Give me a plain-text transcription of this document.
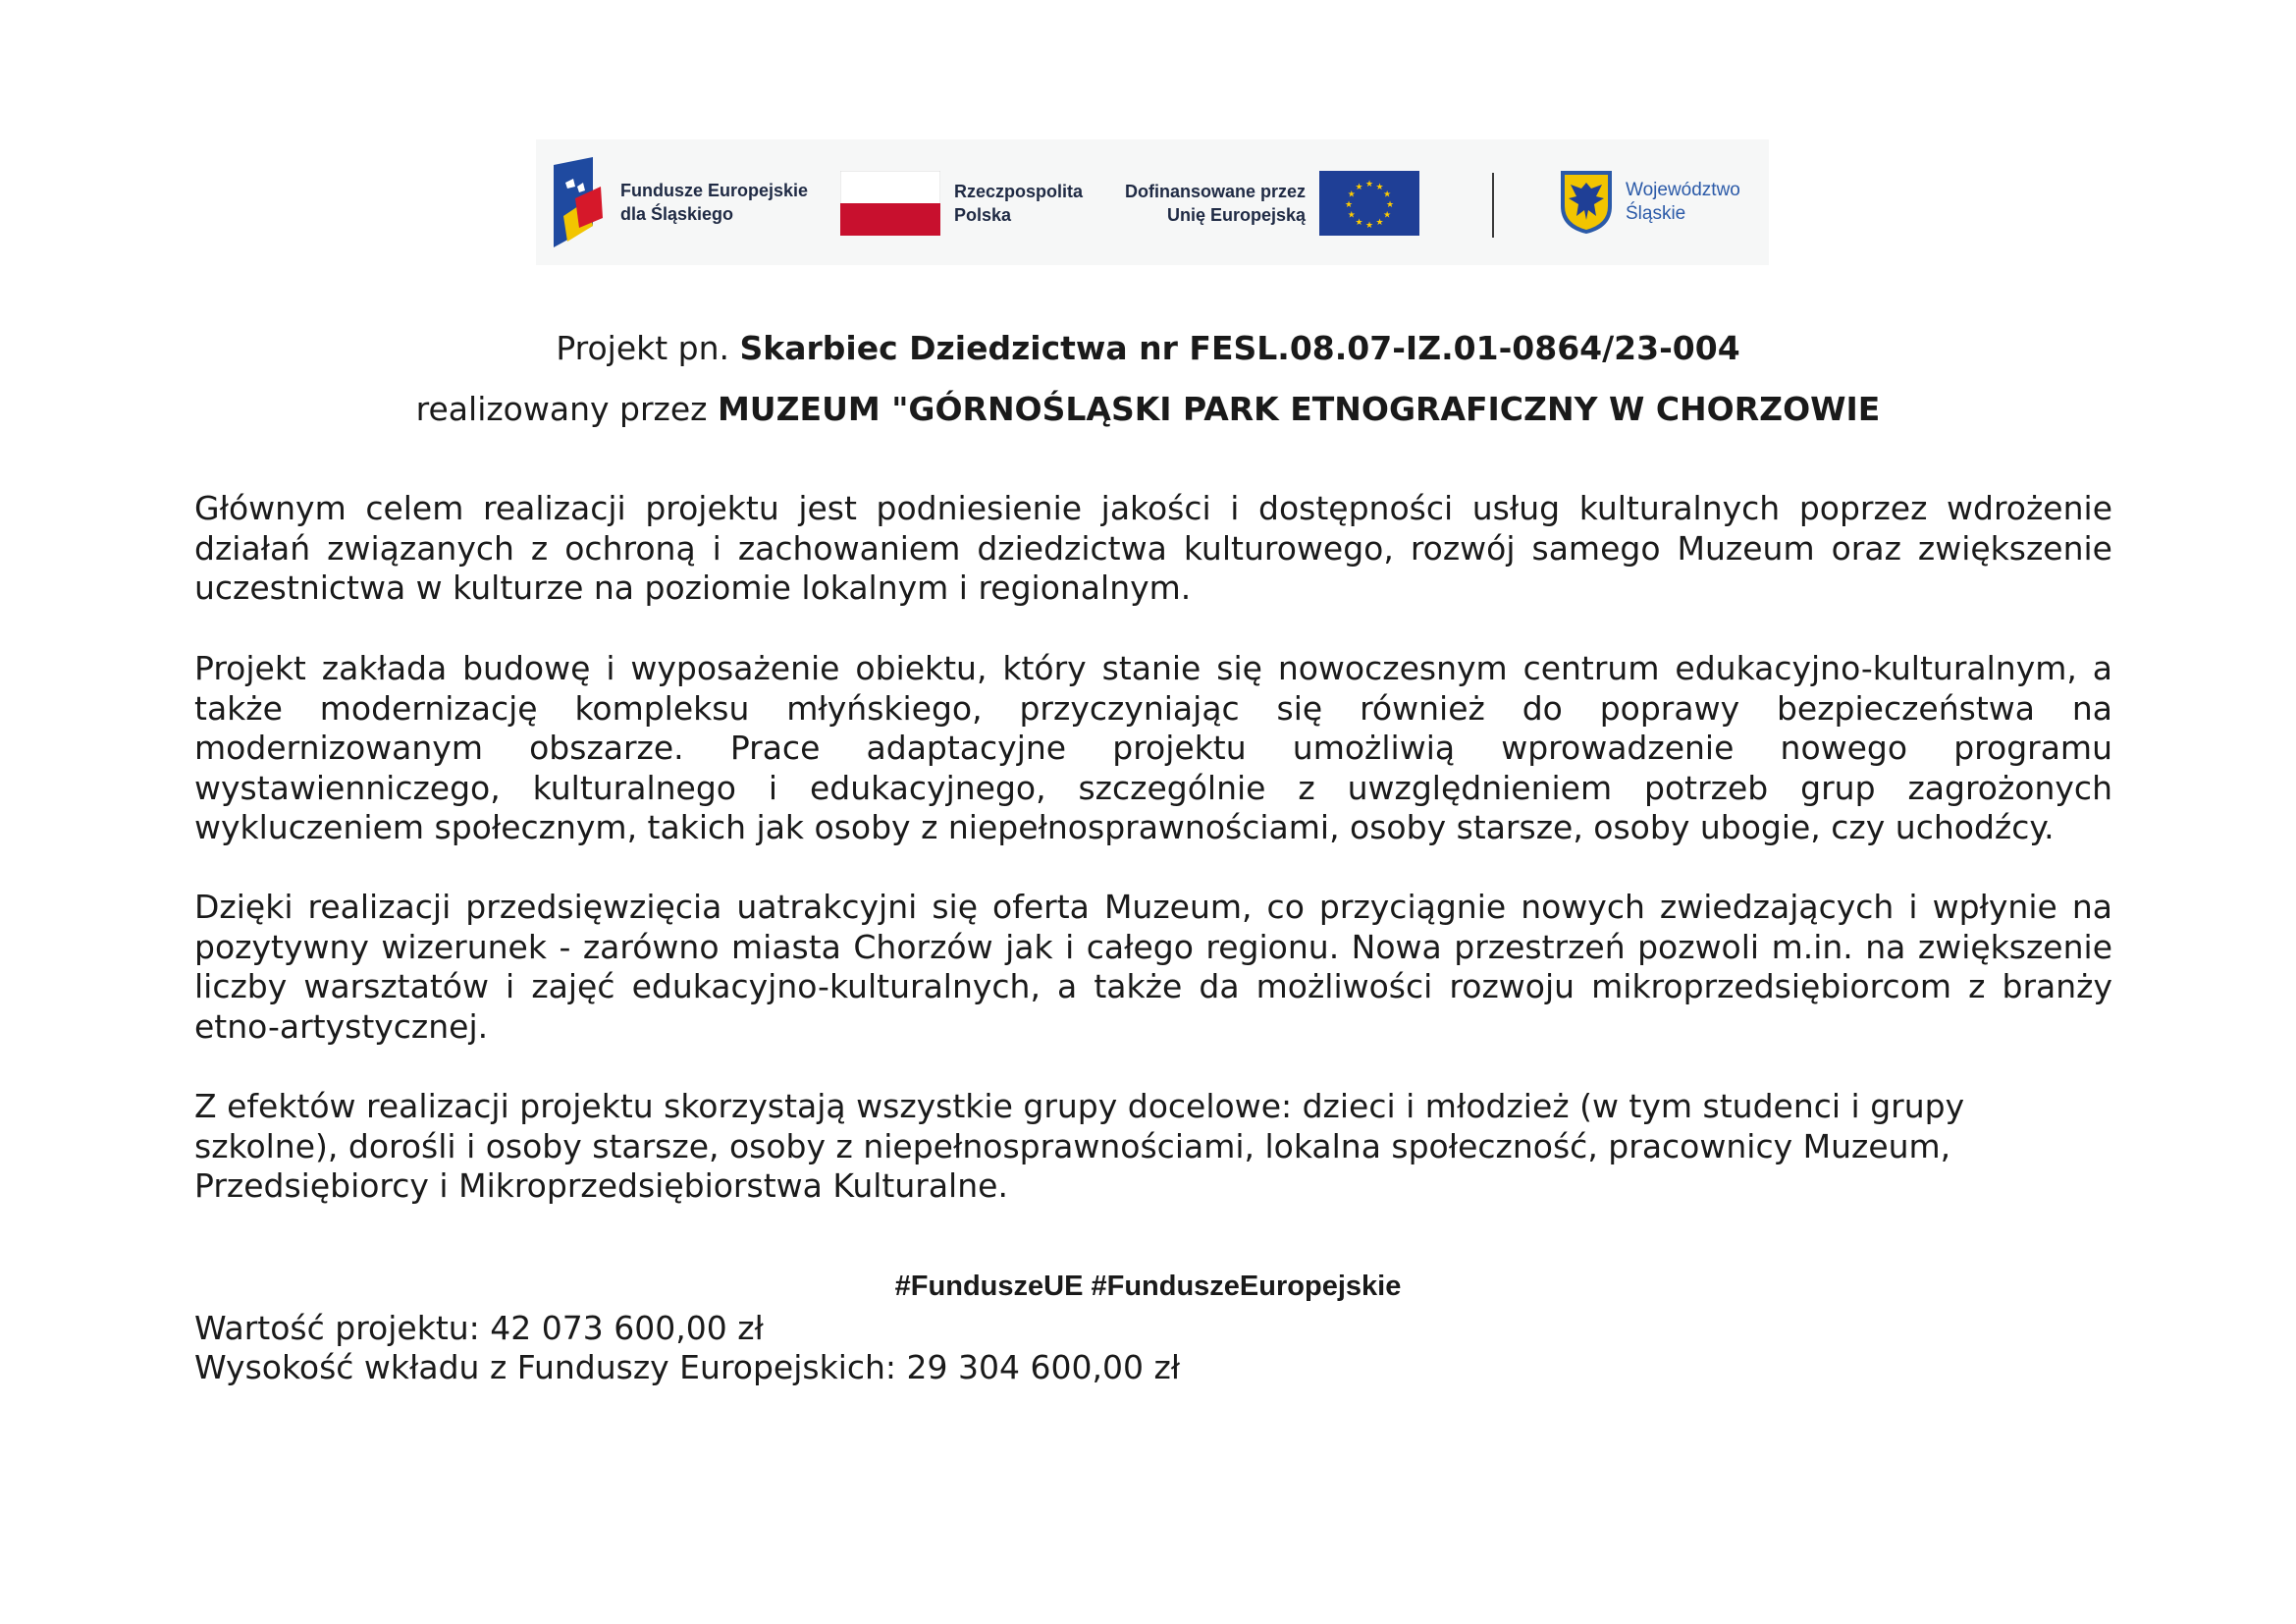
Fundusze Europejskie
dla Śląskiego
Rzeczpospolita
Polska
Dofinansowane przez
Unię Europejską
★ ★
★
★
★
★
★
★
★
★
★
★	Województwo
Śląskie
Projekt pn. Skarbiec Dziedzictwa nr FESL.08.07-IZ.01-0864/23-004
realizowany przez MUZEUM "GÓRNOŚLĄSKI PARK ETNOGRAFICZNY W CHORZOWIE

Głównym celem realizacji projektu jest podniesienie jakości i dostępności usług kulturalnych poprzez wdrożenie działań związanych z ochroną i zachowaniem dziedzictwa kulturowego, rozwój samego Muzeum oraz zwiększenie uczestnictwa w kulturze na poziomie lokalnym i regionalnym.

Projekt zakłada budowę i wyposażenie obiektu, który stanie się nowoczesnym centrum edukacyjno-kulturalnym, a także modernizację kompleksu młyńskiego, przyczyniając się również do poprawy bezpieczeństwa na modernizowanym obszarze. Prace adaptacyjne projektu umożliwią wprowadzenie nowego programu wystawienniczego, kulturalnego i edukacyjnego, szczególnie z uwzględnieniem potrzeb grup zagrożonych wykluczeniem społecznym, takich jak osoby z niepełnosprawnościami, osoby starsze, osoby ubogie, czy uchodźcy.

Dzięki realizacji przedsięwzięcia uatrakcyjni się oferta Muzeum, co przyciągnie nowych zwiedzających i wpłynie na pozytywny wizerunek - zarówno miasta Chorzów jak i całego regionu. Nowa przestrzeń pozwoli m.in. na zwiększenie liczby warsztatów i zajęć edukacyjno-kulturalnych, a także da możliwości rozwoju mikroprzedsiębiorcom z branży etno-artystycznej.

Z efektów realizacji projektu skorzystają wszystkie grupy docelowe: dzieci i młodzież (w tym studenci i grupy szkolne), dorośli i osoby starsze, osoby z niepełnosprawnościami, lokalna społeczność, pracownicy Muzeum, Przedsiębiorcy i Mikroprzedsiębiorstwa Kulturalne.

#FunduszeUE #FunduszeEuropejskie
Wartość projektu: 42 073 600,00 zł
Wysokość wkładu z Funduszy Europejskich: 29 304 600,00 zł
